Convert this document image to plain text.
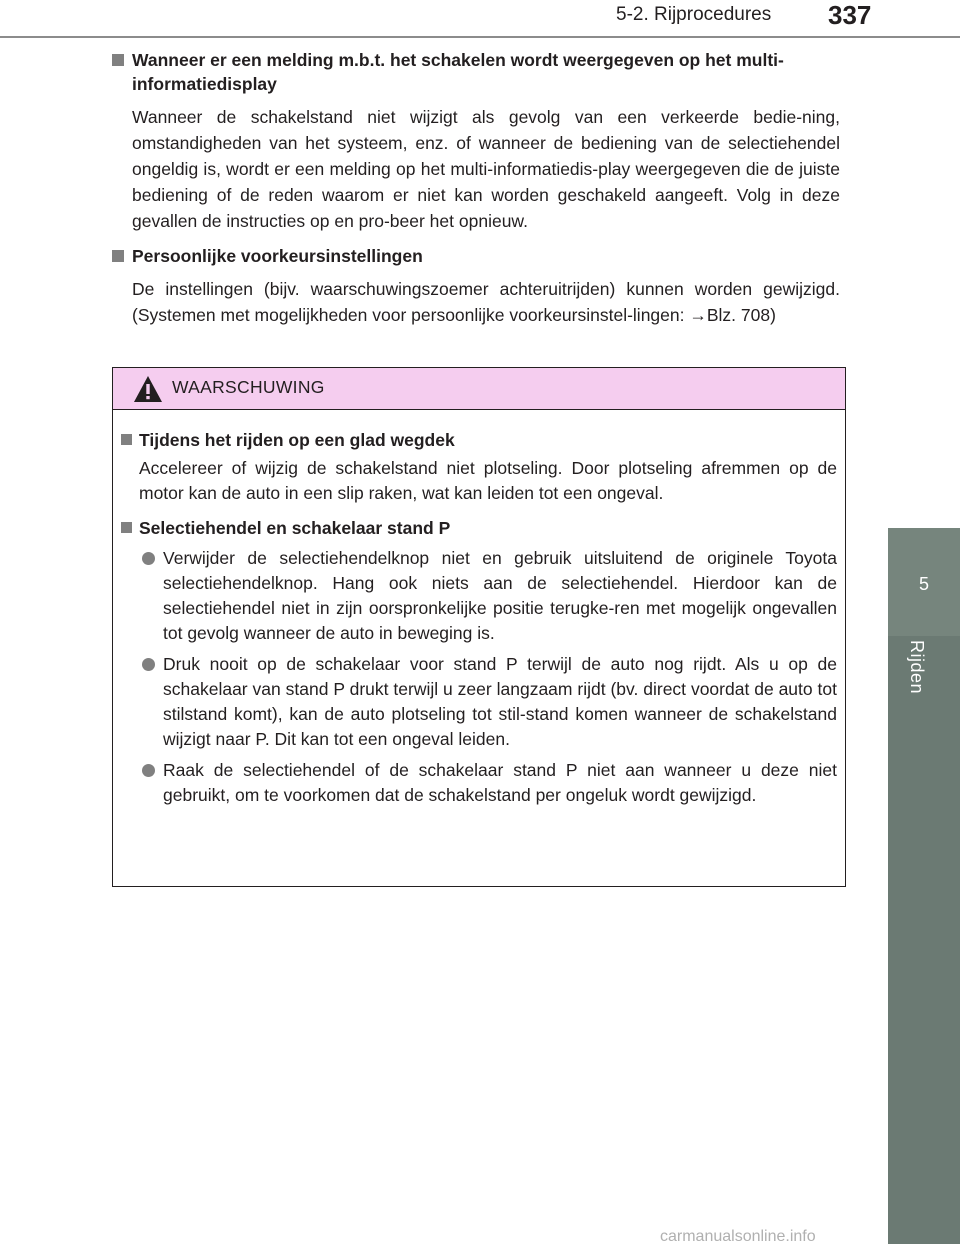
5-2. Rijprocedures 337
5
Rijden
Wanneer er een melding m.b.t. het schakelen wordt weergegeven op het multi-informatiedisplay
Wanneer de schakelstand niet wijzigt als gevolg van een verkeerde bedie-ning, omstandigheden van het systeem, enz. of wanneer de bediening van de selectiehendel ongeldig is, wordt er een melding op het multi-informatiedis-play weergegeven die de juiste bediening of de reden waarom er niet kan worden geschakeld aangeeft. Volg in deze gevallen de instructies op en pro-beer het opnieuw.
Persoonlijke voorkeursinstellingen
De instellingen (bijv. waarschuwingszoemer achteruitrijden) kunnen worden gewijzigd. (Systemen met mogelijkheden voor persoonlijke voorkeursinstel-lingen: →Blz. 708)
WAARSCHUWING
Tijdens het rijden op een glad wegdek
Accelereer of wijzig de schakelstand niet plotseling. Door plotseling afremmen op de motor kan de auto in een slip raken, wat kan leiden tot een ongeval.
Selectiehendel en schakelaar stand P
Verwijder de selectiehendelknop niet en gebruik uitsluitend de originele Toyota selectiehendelknop. Hang ook niets aan de selectiehendel. Hierdoor kan de selectiehendel niet in zijn oorspronkelijke positie terugke-ren met mogelijk ongevallen tot gevolg wanneer de auto in beweging is.
Druk nooit op de schakelaar voor stand P terwijl de auto nog rijdt. Als u op de schakelaar van stand P drukt terwijl u zeer langzaam rijdt (bv. direct voordat de auto tot stilstand komt), kan de auto plotseling tot stil-stand komen wanneer de schakelstand wijzigt naar P. Dit kan tot een ongeval leiden.
Raak de selectiehendel of de schakelaar stand P niet aan wanneer u deze niet gebruikt, om te voorkomen dat de schakelstand per ongeluk wordt gewijzigd.
carmanualsonline.info
